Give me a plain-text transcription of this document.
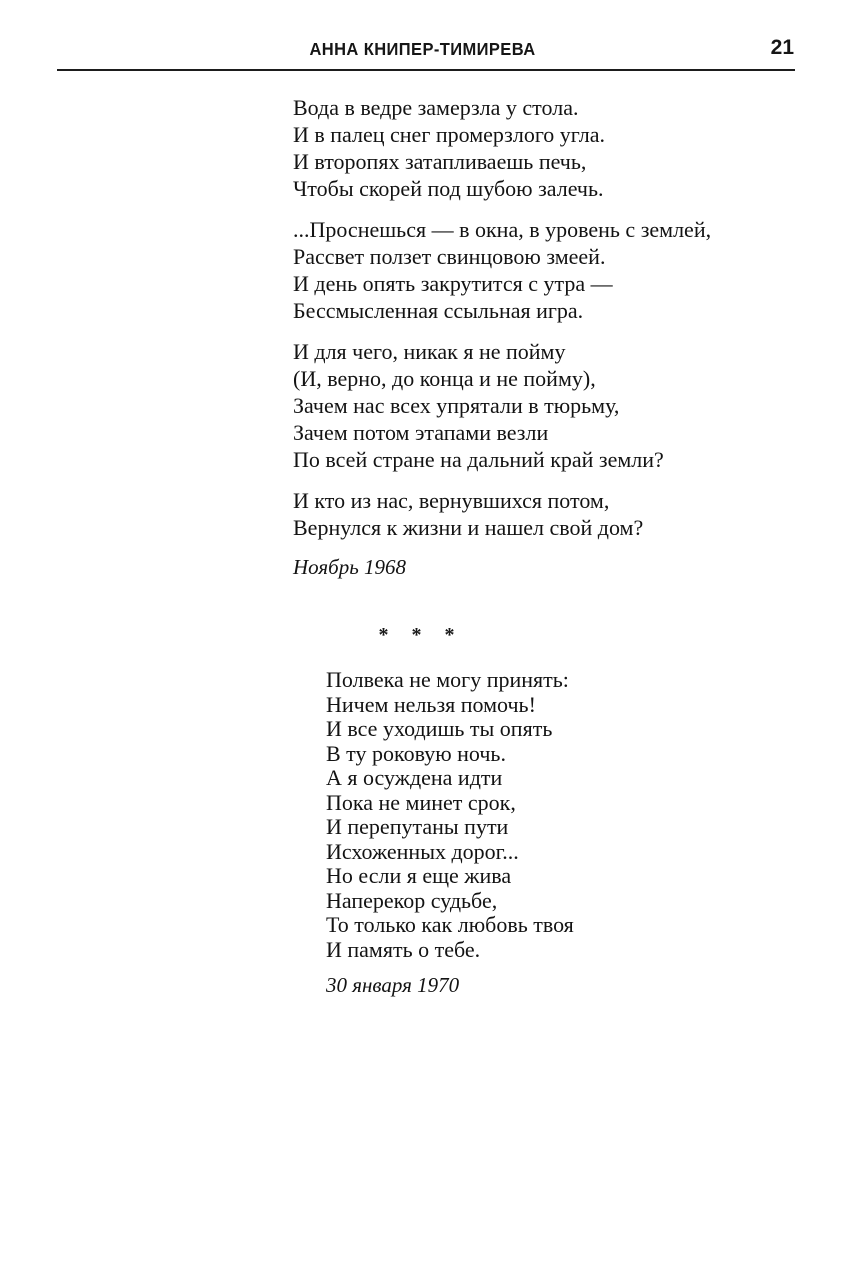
АННА КНИПЕР-ТИМИРЕВА	21
Вода в ведре замерзла у стола.
И в палец снег промерзлого угла.
И второпях затапливаешь печь,
Чтобы скорей под шубою залечь.
...Проснешься — в окна, в уровень с землей,
Рассвет ползет свинцовою змеей.
И день опять закрутится с утра —
Бессмысленная ссыльная игра.
И для чего, никак я не пойму
(И, верно, до конца и не пойму),
Зачем нас всех упрятали в тюрьму,
Зачем потом этапами везли
По всей стране на дальний край земли?
И кто из нас, вернувшихся потом,
Вернулся к жизни и нашел свой дом?
Ноябрь 1968
* * *
Полвека не могу принять:
Ничем нельзя помочь!
И все уходишь ты опять
В ту роковую ночь.
А я осуждена идти
Пока не минет срок,
И перепутаны пути
Исхоженных дорог...
Но если я еще жива
Наперекор судьбе,
То только как любовь твоя
И память о тебе.
30 января 1970
